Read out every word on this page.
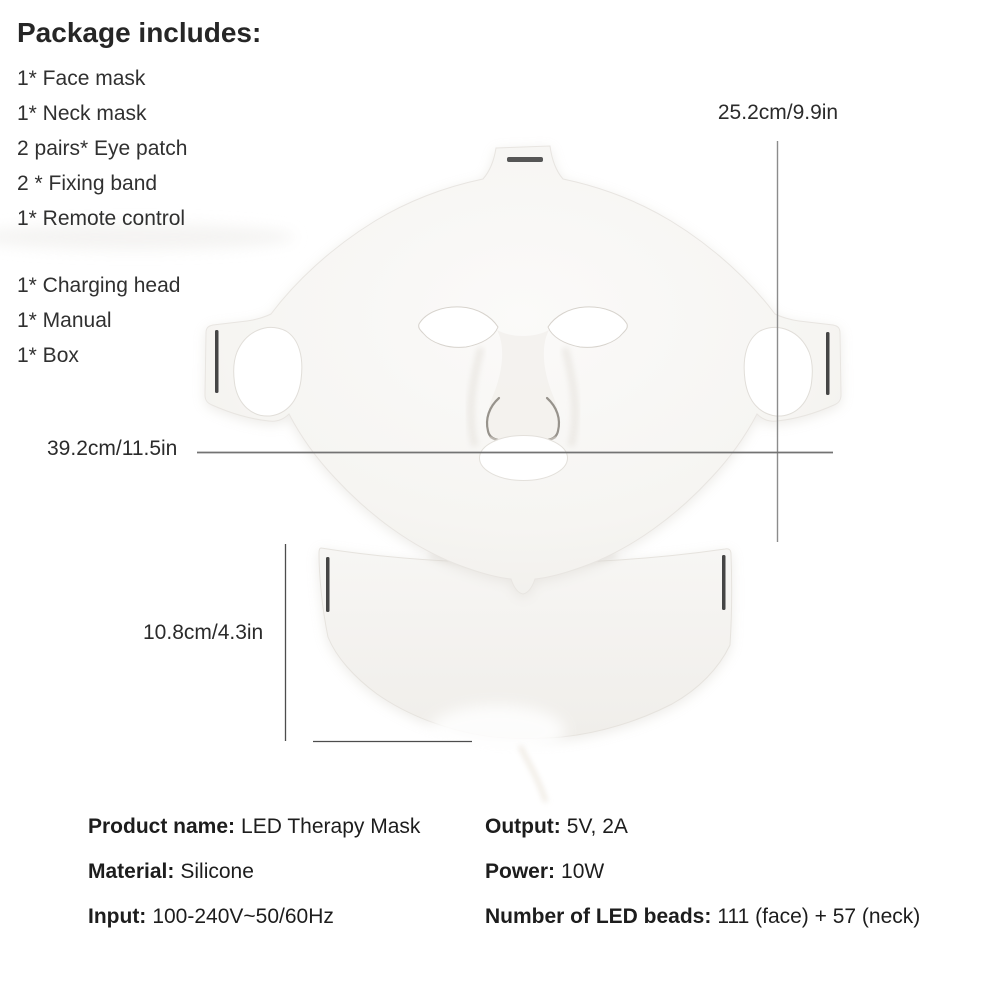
Package includes:
1* Face mask
1* Neck mask
2 pairs* Eye patch
2 * Fixing band
1* Remote control
1* Charging head
1* Manual
1* Box
25.2cm/9.9in
39.2cm/11.5in
10.8cm/4.3in
Product name: LED Therapy Mask
Material: Silicone
Input: 100-240V~50/60Hz
Output: 5V, 2A
Power: 10W
Number of LED beads: 111 (face) + 57 (neck)
